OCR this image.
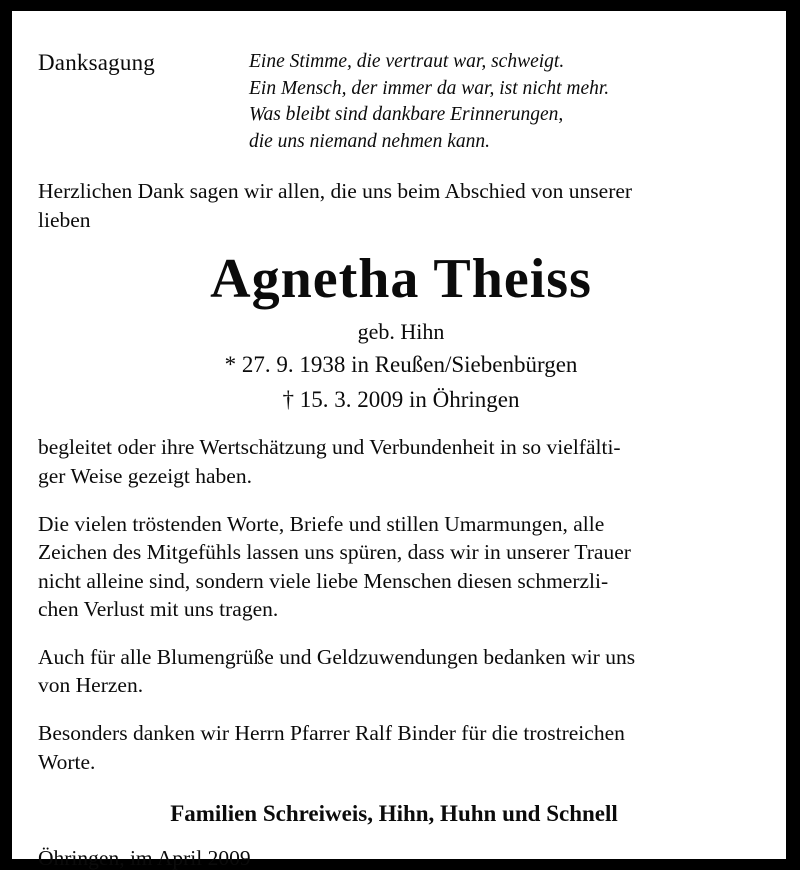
Danksagung	Eine Stimme, die vertraut war, schweigt.
Ein Mensch, der immer da war, ist nicht mehr.
Was bleibt sind dankbare Erinnerungen,
die uns niemand nehmen kann.

Herzlichen Dank sagen wir allen, die uns beim Abschied von unserer
lieben

Agnetha Theiss
geb. Hihn
* 27. 9. 1938 in Reußen/Siebenbürgen
† 15. 3. 2009 in Öhringen

begleitet oder ihre Wertschätzung und Verbundenheit in so vielfälti-
ger Weise gezeigt haben.

Die vielen tröstenden Worte, Briefe und stillen Umarmungen, alle
Zeichen des Mitgefühls lassen uns spüren, dass wir in unserer Trauer
nicht alleine sind, sondern viele liebe Menschen diesen schmerzli-
chen Verlust mit uns tragen.

Auch für alle Blumengrüße und Geldzuwendungen bedanken wir uns
von Herzen.

Besonders danken wir Herrn Pfarrer Ralf Binder für die trostreichen
Worte.

Familien Schreiweis, Hihn, Huhn und Schnell
Öhringen, im April 2009
